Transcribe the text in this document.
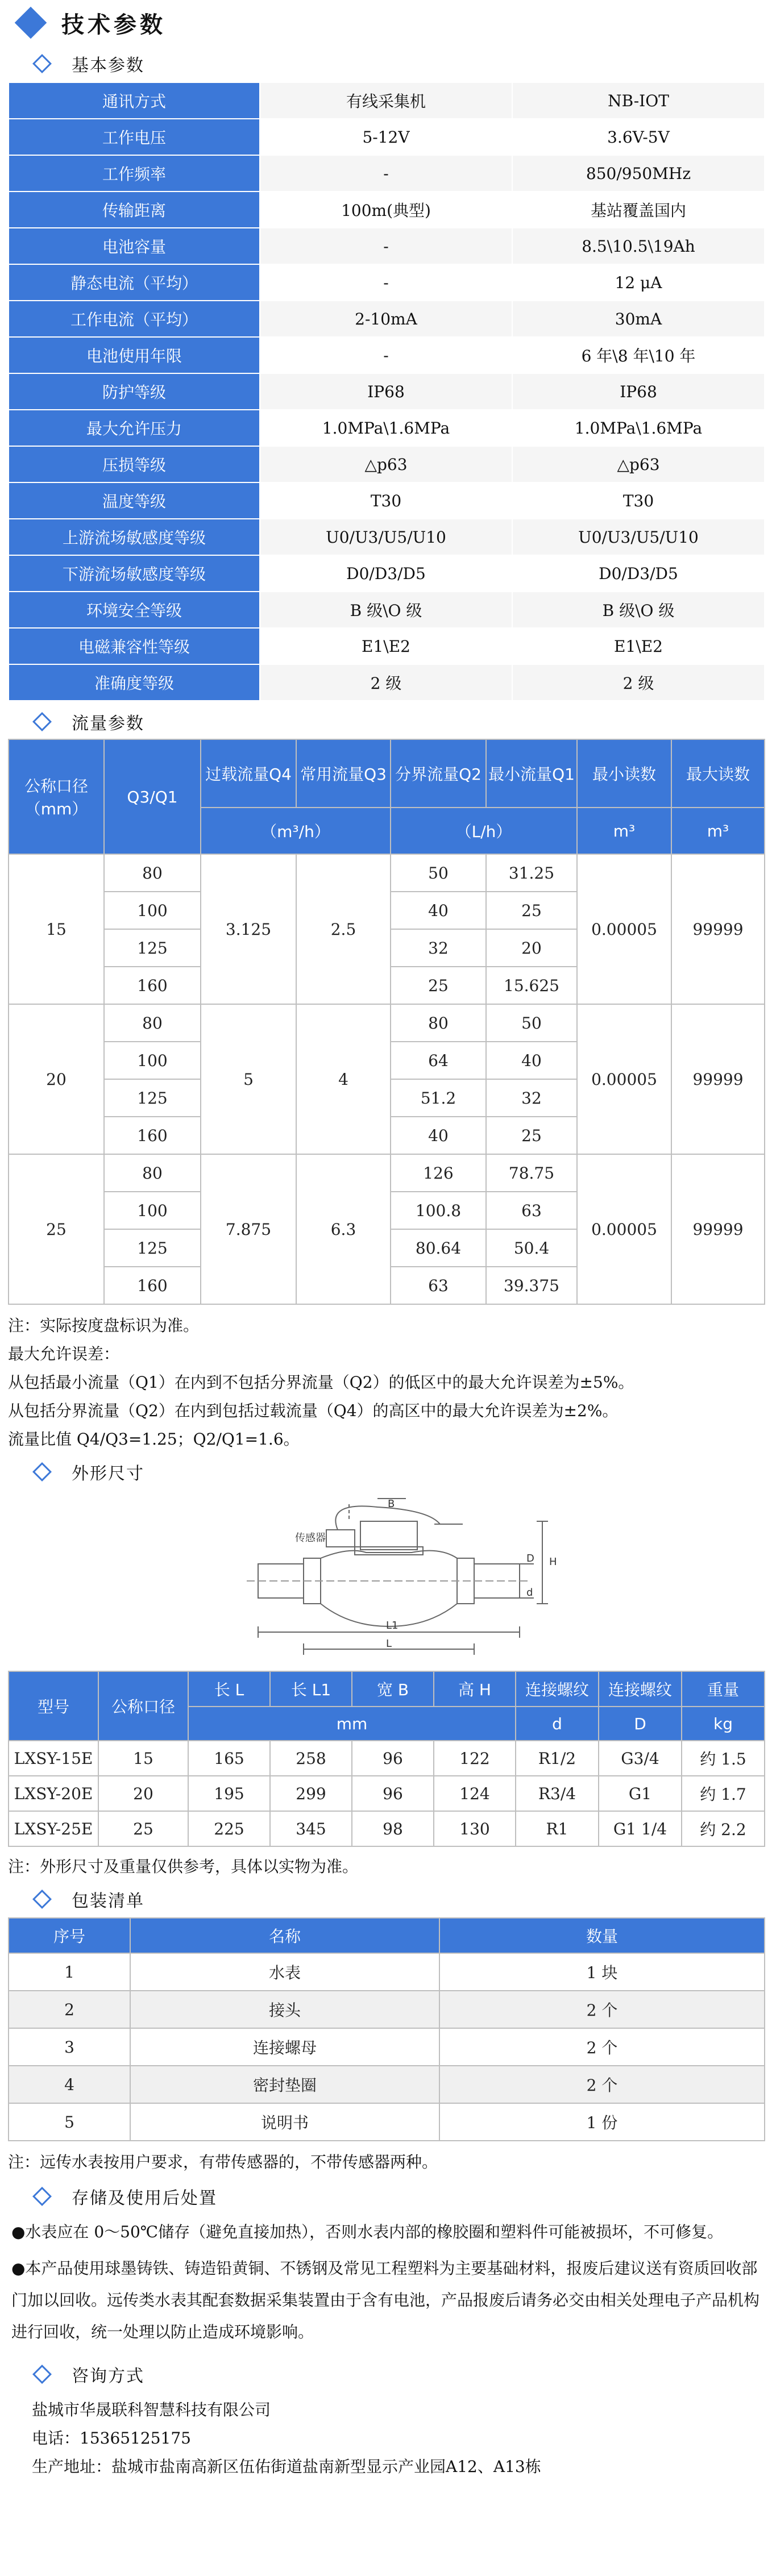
技术参数
基本参数
通讯方式	有线采集机	NB-IOT
工作电压	5-12V	3.6V-5V
工作频率	-	850/950MHz
传输距离	100m(典型)	基站覆盖国内
电池容量	-	8.5\10.5\19Ah
静态电流（平均）	-	12 μA
工作电流（平均）	2-10mA	30mA
电池使用年限	-	6 年\8 年\10 年
防护等级	IP68	IP68
最大允许压力	1.0MPa\1.6MPa	1.0MPa\1.6MPa
压损等级	△p63	△p63
温度等级	T30	T30
上游流场敏感度等级	U0/U3/U5/U10	U0/U3/U5/U10
下游流场敏感度等级	D0/D3/D5	D0/D3/D5
环境安全等级	B 级\O 级	B 级\O 级
电磁兼容性等级	E1\E2	E1\E2
准确度等级	2 级	2 级
流量参数
公称口径（mm）	Q3/Q1	过载流量Q4	常用流量Q3	分界流量Q2	最小流量Q1	最小读数	最大读数
		（m³/h）		（L/h）		m³	m³
15	80	3.125	2.5	50	31.25	0.00005	99999
	100			40	25		
	125			32	20		
	160			25	15.625		
20	80	5	4	80	50	0.00005	99999
	100			64	40		
	125			51.2	32		
	160			40	25		
25	80	7.875	6.3	126	78.75	0.00005	99999
	100			100.8	63		
	125			80.64	50.4		
	160			63	39.375		
注：实际按度盘标识为准。
最大允许误差：
从包括最小流量（Q1）在内到不包括分界流量（Q2）的低区中的最大允许误差为±5%。
从包括分界流量（Q2）在内到包括过载流量（Q4）的高区中的最大允许误差为±2%。
流量比值 Q4/Q3=1.25；Q2/Q1=1.6。
外形尺寸
传感器
B
H
L1
L
D
d
型号	公称口径	长 L	长 L1	宽 B	高 H	连接螺纹	连接螺纹	重量
		mm				d	D	kg
LXSY-15E	15	165	258	96	122	R1/2	G3/4	约 1.5
LXSY-20E	20	195	299	96	124	R3/4	G1	约 1.7
LXSY-25E	25	225	345	98	130	R1	G1 1/4	约 2.2
注：外形尺寸及重量仅供参考，具体以实物为准。
包装清单
序号	名称	数量
1	水表	1 块
2	接头	2 个
3	连接螺母	2 个
4	密封垫圈	2 个
5	说明书	1 份
注：远传水表按用户要求，有带传感器的，不带传感器两种。
存储及使用后处置
●水表应在 0～50℃储存（避免直接加热），否则水表内部的橡胶圈和塑料件可能被损坏，不可修复。
●本产品使用球墨铸铁、铸造铅黄铜、不锈钢及常见工程塑料为主要基础材料，报废后建议送有资质回收部门加以回收。远传类水表其配套数据采集装置由于含有电池，产品报废后请务必交由相关处理电子产品机构进行回收，统一处理以防止造成环境影响。
咨询方式
盐城市华晟联科智慧科技有限公司
电话：15365125175
生产地址：盐城市盐南高新区伍佑街道盐南新型显示产业园A12、A13栋
